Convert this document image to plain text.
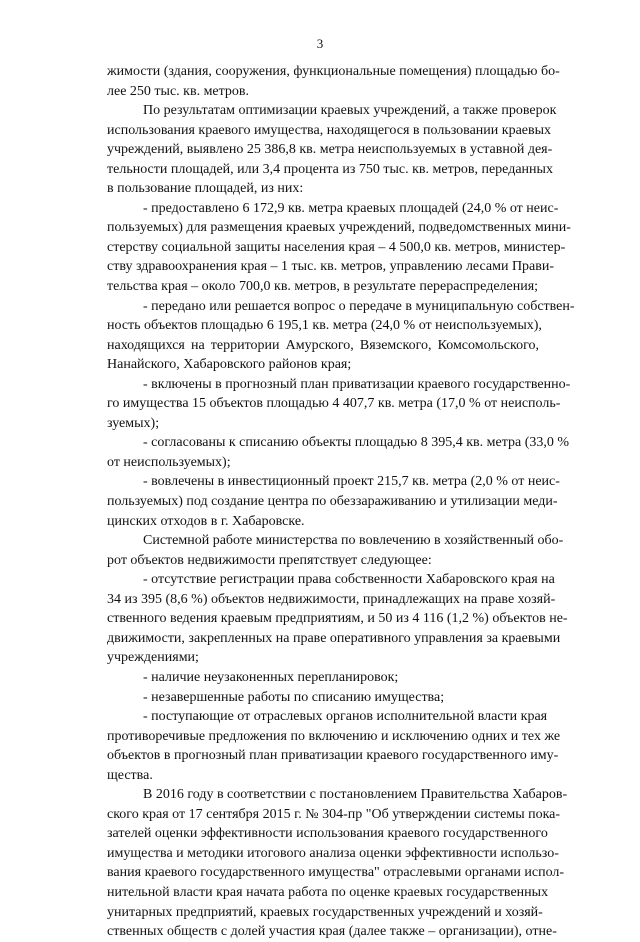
3
жимости (здания, сооружения, функциональные помещения) площадью бо-
лее 250 тыс. кв. метров.
По результатам оптимизации краевых учреждений, а также проверок
использования краевого имущества, находящегося в пользовании краевых
учреждений, выявлено 25 386,8 кв. метра неиспользуемых в уставной дея-
тельности площадей, или 3,4 процента из 750 тыс. кв. метров, переданных
в пользование площадей, из них:
- предоставлено 6 172,9 кв. метра краевых площадей (24,0 % от неис-
пользуемых) для размещения краевых учреждений, подведомственных мини-
стерству социальной защиты населения края – 4 500,0 кв. метров, министер-
ству здравоохранения края – 1 тыс. кв. метров, управлению лесами Прави-
тельства края – около 700,0 кв. метров, в результате перераспределения;
- передано или решается вопрос о передаче в муниципальную собствен-
ность объектов площадью 6 195,1 кв. метра (24,0 % от неиспользуемых),
находящихся на территории Амурского, Вяземского, Комсомольского,
Нанайского, Хабаровского районов края;
- включены в прогнозный план приватизации краевого государственно-
го имущества 15 объектов площадью 4 407,7 кв. метра (17,0 % от неисполь-
зуемых);
- согласованы к списанию объекты площадью 8 395,4 кв. метра (33,0 %
от неиспользуемых);
- вовлечены в инвестиционный проект 215,7 кв. метра (2,0 % от неис-
пользуемых) под создание центра по обеззараживанию и утилизации меди-
цинских отходов в г. Хабаровске.
Системной работе министерства по вовлечению в хозяйственный обо-
рот объектов недвижимости препятствует следующее:
- отсутствие регистрации права собственности Хабаровского края на
34 из 395 (8,6 %) объектов недвижимости, принадлежащих на праве хозяй-
ственного ведения краевым предприятиям, и 50 из 4 116 (1,2 %) объектов не-
движимости, закрепленных на праве оперативного управления за краевыми
учреждениями;
- наличие неузаконенных перепланировок;
- незавершенные работы по списанию имущества;
- поступающие от отраслевых органов исполнительной власти края
противоречивые предложения по включению и исключению одних и тех же
объектов в прогнозный план приватизации краевого государственного иму-
щества.
В 2016 году в соответствии с постановлением Правительства Хабаров-
ского края от 17 сентября 2015 г. № 304-пр "Об утверждении системы пока-
зателей оценки эффективности использования краевого государственного
имущества и методики итогового анализа оценки эффективности использо-
вания краевого государственного имущества" отраслевыми органами испол-
нительной власти края начата работа по оценке краевых государственных
унитарных предприятий, краевых государственных учреждений и хозяй-
ственных обществ с долей участия края (далее также – организации), отне-
